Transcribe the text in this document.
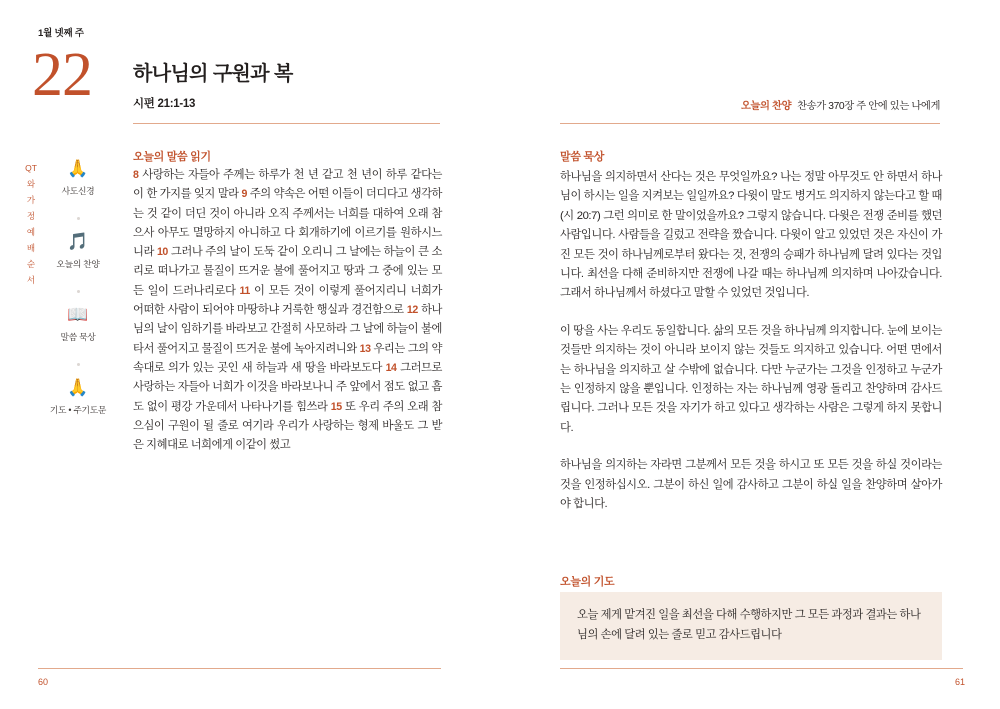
1월 넷째 주
22 하나님의 구원과 복
시편 21:1-13
QT와 가정예배 순서
🙏
사도신경
🎵
오늘의 찬양
📖
말씀 묵상
🙏
기도 • 주기도문
오늘의 말씀 읽기
8 사랑하는 자들아 주께는 하루가 천 년 같고 천 년이 하루 같다는 이 한 가지를 잊지 말라 9 주의 약속은 어떤 이들이 더디다고 생각하는 것 같이 더딘 것이 아니라 오직 주께서는 너희를 대하여 오래 참으사 아무도 멸망하지 아니하고 다 회개하기에 이르기를 원하시느니라 10 그러나 주의 날이 도둑 같이 오리니 그 날에는 하늘이 큰 소리로 떠나가고 물질이 뜨거운 불에 풀어지고 땅과 그 중에 있는 모든 일이 드러나리로다 11 이 모든 것이 이렇게 풀어지리니 너희가 어떠한 사람이 되어야 마땅하냐 거룩한 행실과 경건함으로 12 하나님의 날이 임하기를 바라보고 간절히 사모하라 그 날에 하늘이 불에 타서 풀어지고 물질이 뜨거운 불에 녹아지려니와 13 우리는 그의 약속대로 의가 있는 곳인 새 하늘과 새 땅을 바라보도다 14 그러므로 사랑하는 자들아 너희가 이것을 바라보나니 주 앞에서 점도 없고 흠도 없이 평강 가운데서 나타나기를 힘쓰라 15 또 우리 주의 오래 참으심이 구원이 될 줄로 여기라 우리가 사랑하는 형제 바울도 그 받은 지혜대로 너희에게 이같이 썼고
60
오늘의 찬양 찬송가 370장 주 안에 있는 나에게
말씀 묵상

하나님을 의지하면서 산다는 것은 무엇일까요? 나는 정말 아무것도 안 하면서 하나님이 하시는 일을 지켜보는 일일까요? 다윗이 말도 병거도 의지하지 않는다고 할 때(시 20:7) 그런 의미로 한 말이었을까요? 그렇지 않습니다. 다윗은 전쟁 준비를 했던 사람입니다. 사람들을 길렀고 전략을 짰습니다. 다윗이 알고 있었던 것은 자신이 가진 모든 것이 하나님께로부터 왔다는 것, 전쟁의 승패가 하나님께 달려 있다는 것입니다. 최선을 다해 준비하지만 전쟁에 나갈 때는 하나님께 의지하며 나아갔습니다. 그래서 하나님께서 하셨다고 말할 수 있었던 것입니다.

이 땅을 사는 우리도 동일합니다. 삶의 모든 것을 하나님께 의지합니다. 눈에 보이는 것들만 의지하는 것이 아니라 보이지 않는 것들도 의지하고 있습니다. 어떤 면에서는 하나님을 의지하고 살 수밖에 없습니다. 다만 누군가는 그것을 인정하고 누군가는 인정하지 않을 뿐입니다. 인정하는 자는 하나님께 영광 돌리고 찬양하며 감사드립니다. 그러나 모든 것을 자기가 하고 있다고 생각하는 사람은 그렇게 하지 못합니다.

하나님을 의지하는 자라면 그분께서 모든 것을 하시고 또 모든 것을 하실 것이라는 것을 인정하십시오. 그분이 하신 일에 감사하고 그분이 하실 일을 찬양하며 살아가야 합니다.

오늘의 기도
오늘 제게 맡겨진 일을 최선을 다해 수행하지만 그 모든 과정과 결과는 하나님의 손에 달려 있는 줄로 믿고 감사드립니다
61
